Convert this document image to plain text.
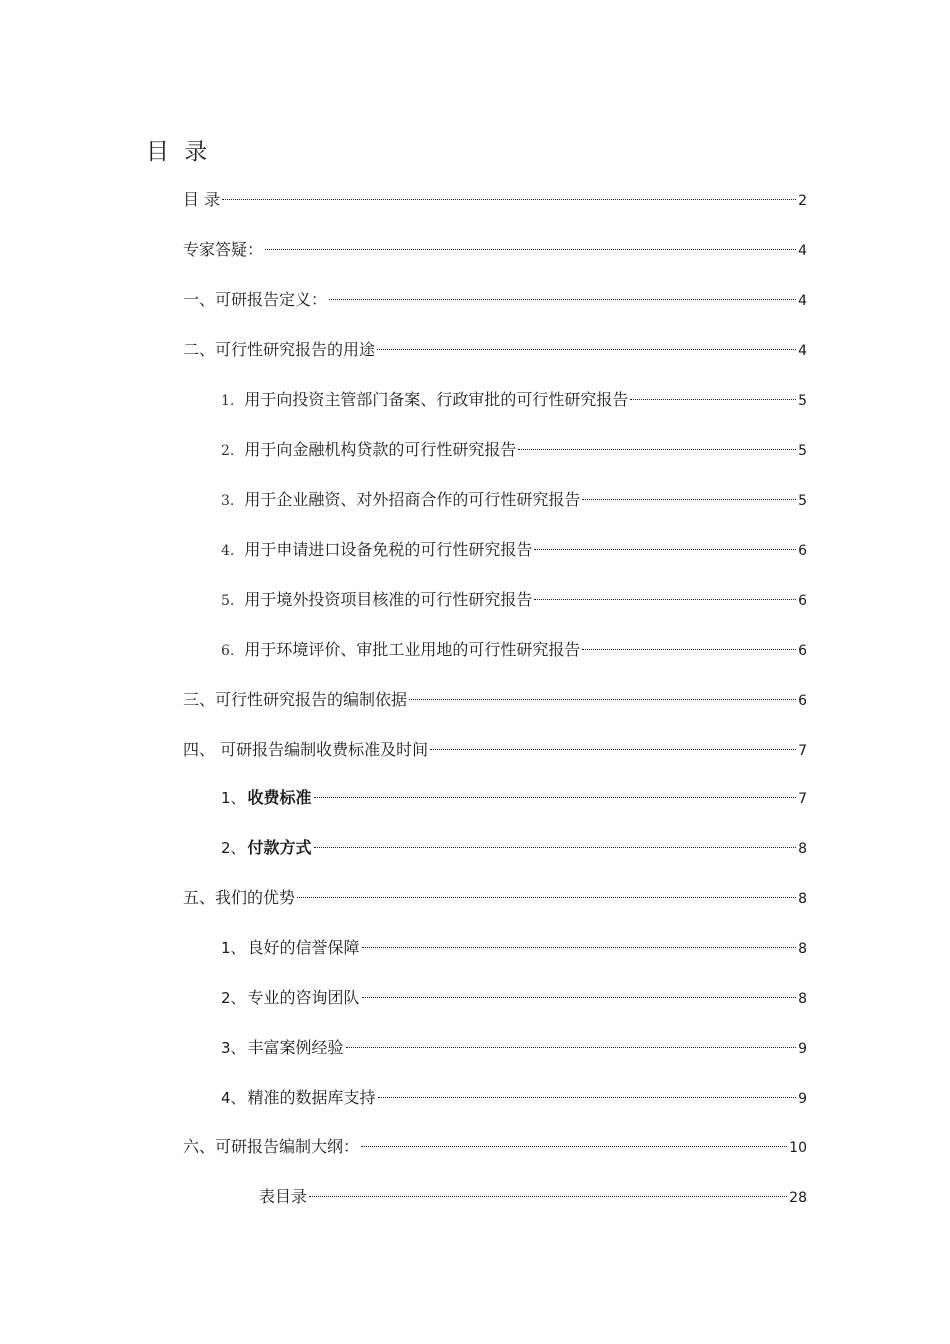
目 录
目 录	2
专家答疑：	4
一、可研报告定义：	4
二、可行性研究报告的用途	4
1. 用于向投资主管部门备案、行政审批的可行性研究报告	5
2. 用于向金融机构贷款的可行性研究报告	5
3. 用于企业融资、对外招商合作的可行性研究报告	5
4. 用于申请进口设备免税的可行性研究报告	6
5. 用于境外投资项目核准的可行性研究报告	6
6. 用于环境评价、审批工业用地的可行性研究报告	6
三、可行性研究报告的编制依据	6
四、 可研报告编制收费标准及时间	7
1、 收费标准	7
2、 付款方式	8
五、我们的优势	8
1、 良好的信誉保障	8
2、 专业的咨询团队	8
3、 丰富案例经验	9
4、 精准的数据库支持	9
六、可研报告编制大纲：	10
表目录	28
